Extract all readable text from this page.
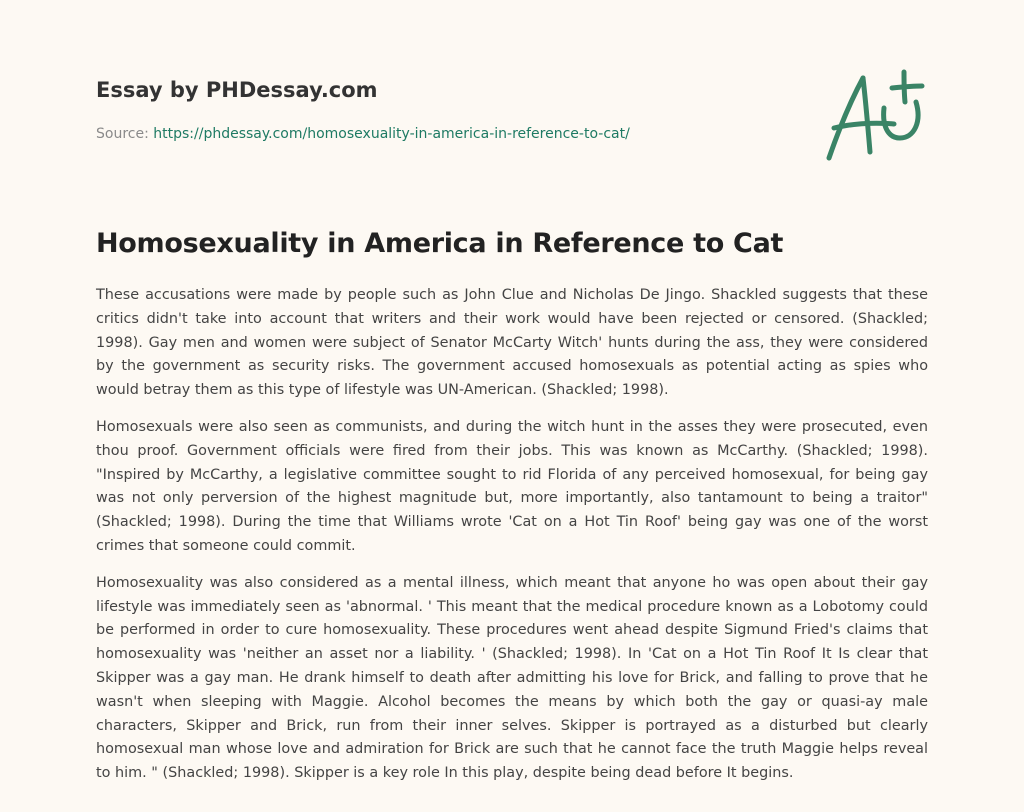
Essay by PHDessay.com
Source: https://phdessay.com/homosexuality-in-america-in-reference-to-cat/
Homosexuality in America in Reference to Cat

These accusations were made by people such as John Clue and Nicholas De Jingo. Shackled suggests that these critics didn't take into account that writers and their work would have been rejected or censored. (Shackled; 1998). Gay men and women were subject of Senator McCarty Witch' hunts during the ass, they were considered by the government as security risks. The government accused homosexuals as potential acting as spies who would betray them as this type of lifestyle was UN-American. (Shackled; 1998).

Homosexuals were also seen as communists, and during the witch hunt in the asses they were prosecuted, even thou proof. Government officials were fired from their jobs. This was known as McCarthy. (Shackled; 1998). "Inspired by McCarthy, a legislative committee sought to rid Florida of any perceived homosexual, for being gay was not only perversion of the highest magnitude but, more importantly, also tantamount to being a traitor" (Shackled; 1998). During the time that Williams wrote 'Cat on a Hot Tin Roof' being gay was one of the worst crimes that someone could commit.

Homosexuality was also considered as a mental illness, which meant that anyone ho was open about their gay lifestyle was immediately seen as 'abnormal. ' This meant that the medical procedure known as a Lobotomy could be performed in order to cure homosexuality. These procedures went ahead despite Sigmund Fried's claims that homosexuality was 'neither an asset nor a liability. ' (Shackled; 1998). In 'Cat on a Hot Tin Roof It Is clear that Skipper was a gay man. He drank himself to death after admitting his love for Brick, and falling to prove that he wasn't when sleeping with Maggie. Alcohol becomes the means by which both the gay or quasi-ay male characters, Skipper and Brick, run from their inner selves. Skipper is portrayed as a disturbed but clearly homosexual man whose love and admiration for Brick are such that he cannot face the truth Maggie helps reveal to him. " (Shackled; 1998). Skipper is a key role In this play, despite being dead before It begins.
